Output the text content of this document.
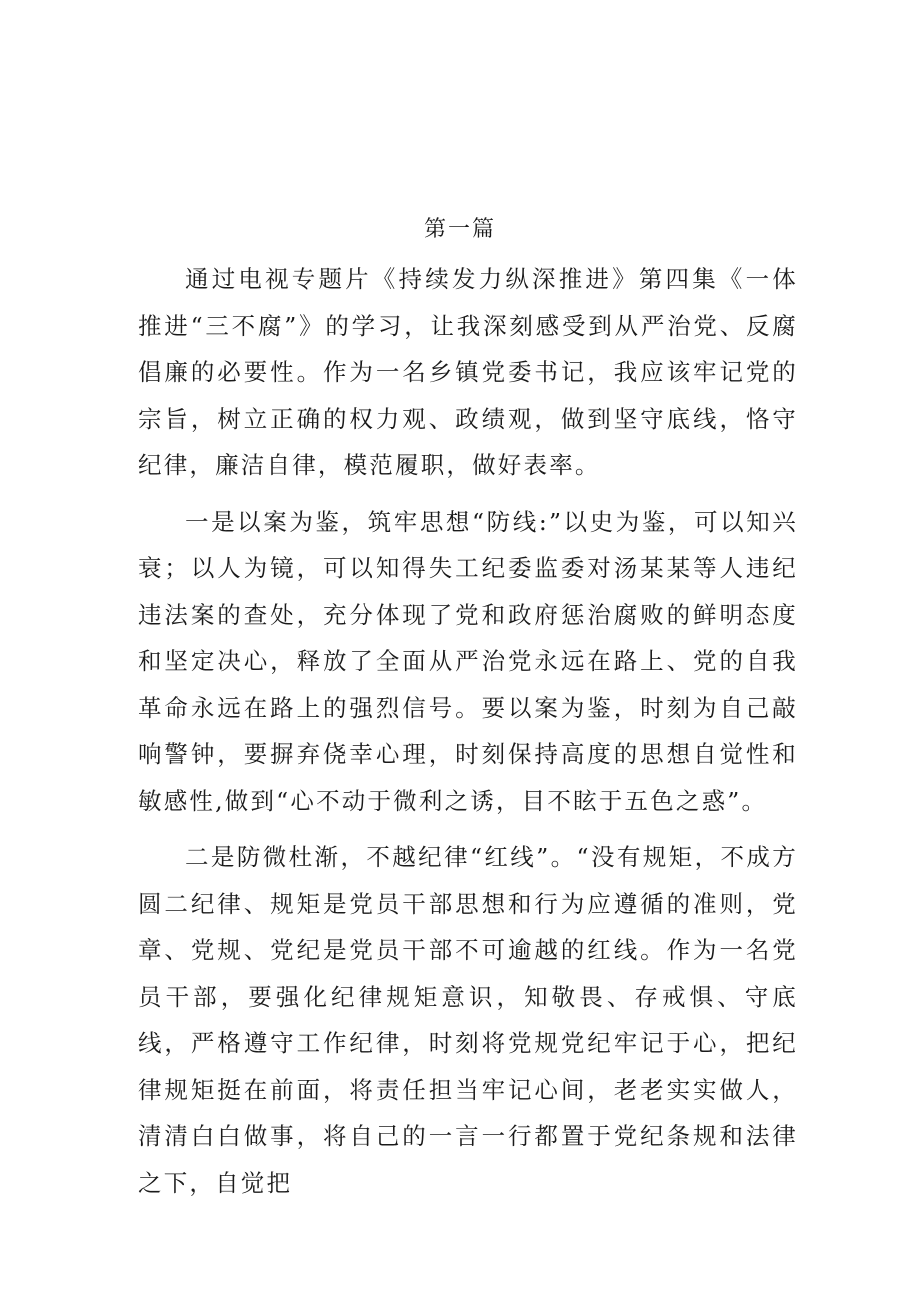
第一篇

通过电视专题片《持续发力纵深推进》第四集《一体推进“三不腐”》的学习，让我深刻感受到从严治党、反腐倡廉的必要性。作为一名乡镇党委书记，我应该牢记党的宗旨，树立正确的权力观、政绩观，做到坚守底线，恪守纪律，廉洁自律，模范履职，做好表率。

一是以案为鉴，筑牢思想“防线:”以史为鉴，可以知兴衰；以人为镜，可以知得失工纪委监委对汤某某等人违纪违法案的查处，充分体现了党和政府惩治腐败的鲜明态度和坚定决心，释放了全面从严治党永远在路上、党的自我革命永远在路上的强烈信号。要以案为鉴，时刻为自己敲响警钟，要摒弃侥幸心理，时刻保持高度的思想自觉性和敏感性,做到“心不动于微利之诱，目不眩于五色之惑”。

二是防微杜渐，不越纪律“红线”。“没有规矩，不成方圆二纪律、规矩是党员干部思想和行为应遵循的准则，党章、党规、党纪是党员干部不可逾越的红线。作为一名党员干部，要强化纪律规矩意识，知敬畏、存戒惧、守底线，严格遵守工作纪律，时刻将党规党纪牢记于心，把纪律规矩挺在前面，将责任担当牢记心间，老老实实做人，清清白白做事，将自己的一言一行都置于党纪条规和法律之下，自觉把
